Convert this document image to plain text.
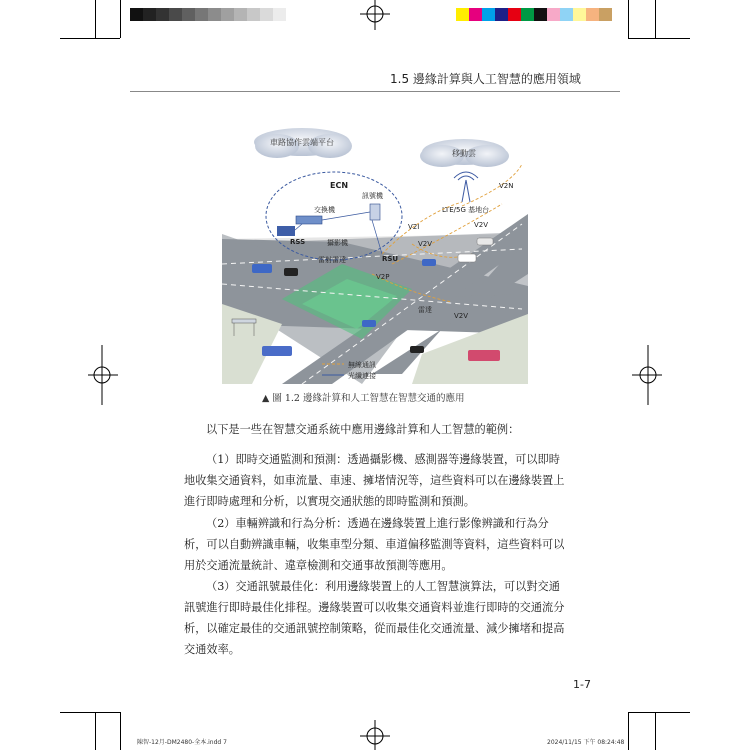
1.5 邊緣計算與人工智慧的應用領域
車路協作雲端平台
移動雲
ECN
訊號機
交換機
RSS	攝影機
雷射雷達	RSU
LTE/5G 基地台
V2N
V2I
V2V
V2V
V2P
雷達
V2V
無線通訊
光纖連接
▲ 圖 1.2 邊緣計算和人工智慧在智慧交通的應用

以下是一些在智慧交通系統中應用邊緣計算和人工智慧的範例：

（1）即時交通監測和預測：透過攝影機、感測器等邊緣裝置，可以即時地收集交通資料，如車流量、車速、擁堵情況等，這些資料可以在邊緣裝置上進行即時處理和分析，以實現交通狀態的即時監測和預測。

（2）車輛辨識和行為分析：透過在邊緣裝置上進行影像辨識和行為分析，可以自動辨識車輛，收集車型分類、車道偏移監測等資料，這些資料可以用於交通流量統計、違章檢測和交通事故預測等應用。

（3）交通訊號最佳化：利用邊緣裝置上的人工智慧演算法，可以對交通訊號進行即時最佳化排程。邊緣裝置可以收集交通資料並進行即時的交通流分析，以確定最佳的交通訊號控制策略，從而最佳化交通流量、減少擁堵和提高交通效率。

1-7
陳智-12月-DM2480-全本.indd 7	2024/11/15 下午 08:24:48
